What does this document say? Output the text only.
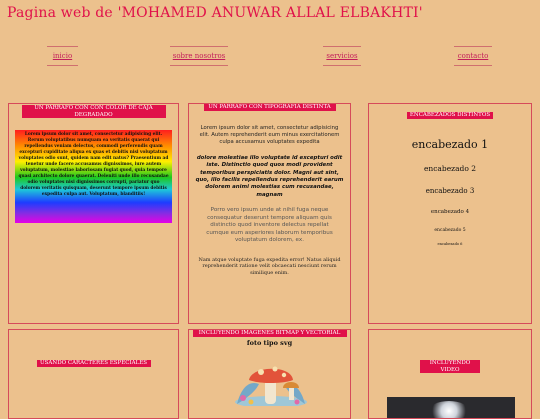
Pagina web de 'MOHAMED ANUWAR ALLAL ELBAKHTI'
inicio	sobre nosotros	servicios	contacto
UN PARRAFO CON CON COLOR DE CAJA DEGRADADO
Lorem ipsum dolor sit amet, consectetur adipisicing elit. Rerum voluptatibus numquam ea veritatis quaerat qui repellendus veniam delectus, commodi perferendis quam excepturi cupiditate aliqua ex quas et debitis nisi voluptatum voluptates odio sunt, quidem nam edit natus? Praesentium ad tenetur unde facere accusamus dignissimos, iure autem voluptatum, molestiae laboriosam fugiat quod, quia tempore quasi architecto dolore quaerat. Deleniti unde illo recusandae odio voluptates nisi dignissimos corrupti, pariatur quo dolorem veritatis quisquam, deserunt tempore ipsum debitis expedita culpa aut. Voluptatum, blanditiis!
UN PARRAFO CON TIPOGRAFIA DISTINTA

Lorem ipsum dolor sit amet, consectetur adipisicing elit. Autem reprehenderit eum minus exercitationem culpa accusamus voluptates expedita

dolore molestiae illo voluptate id excepturi odit iste. Distinctio quod quos modi provident temporibus perspiciatis dolor. Magni aut sint, quo, illo facilis repellendus reprehenderit earum dolorem animi molestias cum recusandae, magnam

Porro vero ipsum unde at nihil fuga neque consequatur deserunt tempore aliquam quis distinctio quod inventore delectus repellat cumque eum asperiores laborum temporibus voluptatum dolorem, ex.

Nam atque voluptate fuga expedita error! Natus aliquid reprehenderit ratione velit obcaecati nesciunt rerum similique enim.

ENCABEZADOS DISTINTOS

encabezado 1

encabezado 2

encabezado 3

encabezado 4

encabezado 5

encabezado 6

USANDO CARACTERES ESPECIALES
INCLUYENDO IMAGENES BITMAP Y VECTORIAL
foto tipo svg
INCLUYENDO VIDEO
